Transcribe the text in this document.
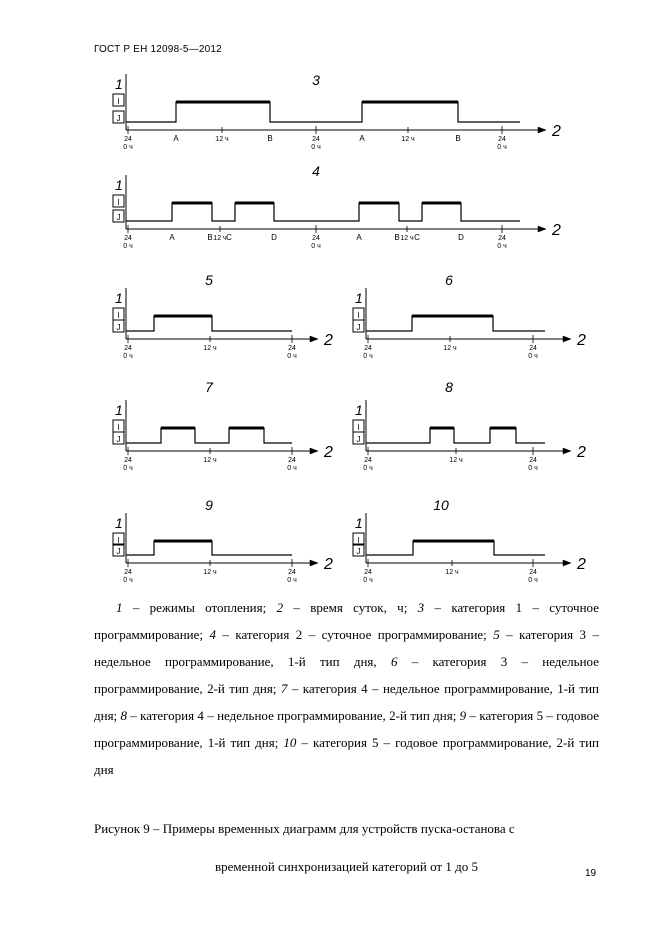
ГОСТ Р ЕН 12098-5—2012
3
1
I
J
2
24
0 ч
24
0 ч
24
0 ч
12 ч	12 ч
A	B	A	B
4
1
I
J
2
24
0 ч
24
0 ч
24
0 ч
12 ч	12 ч
A	B C	D	A	B C	D
5
1
I
J
2
24
0 ч
24
0 ч
12 ч
6
1
I
J
2
24
0 ч
24
0 ч
12 ч
7
1
I
J
2
24
0 ч
24
0 ч
12 ч
8
1
I
J
2
24
0 ч
24
0 ч
12 ч
9
1
I
J
2
24
0 ч
24
0 ч
12 ч
10
1
I
J
2
24
0 ч
24
0 ч
12 ч
1 – режимы отопления; 2 – время суток, ч; 3 – категория 1 – суточное программирование; 4 – категория 2 – суточное программирование; 5 – категория 3 – недельное программирование, 1-й тип дня, 6 – категория 3 – недельное программирование, 2-й тип дня; 7 – категория 4 – недельное программирование, 1-й тип дня; 8 – категория 4 – недельное программирование, 2-й тип дня; 9 – категория 5 – годовое программирование, 1-й тип дня; 10 – категория 5 – годовое программирование, 2-й тип дня
Рисунок 9 – Примеры временных диаграмм для устройств пуска-останова с
временной синхронизацией категорий от 1 до 5	19
